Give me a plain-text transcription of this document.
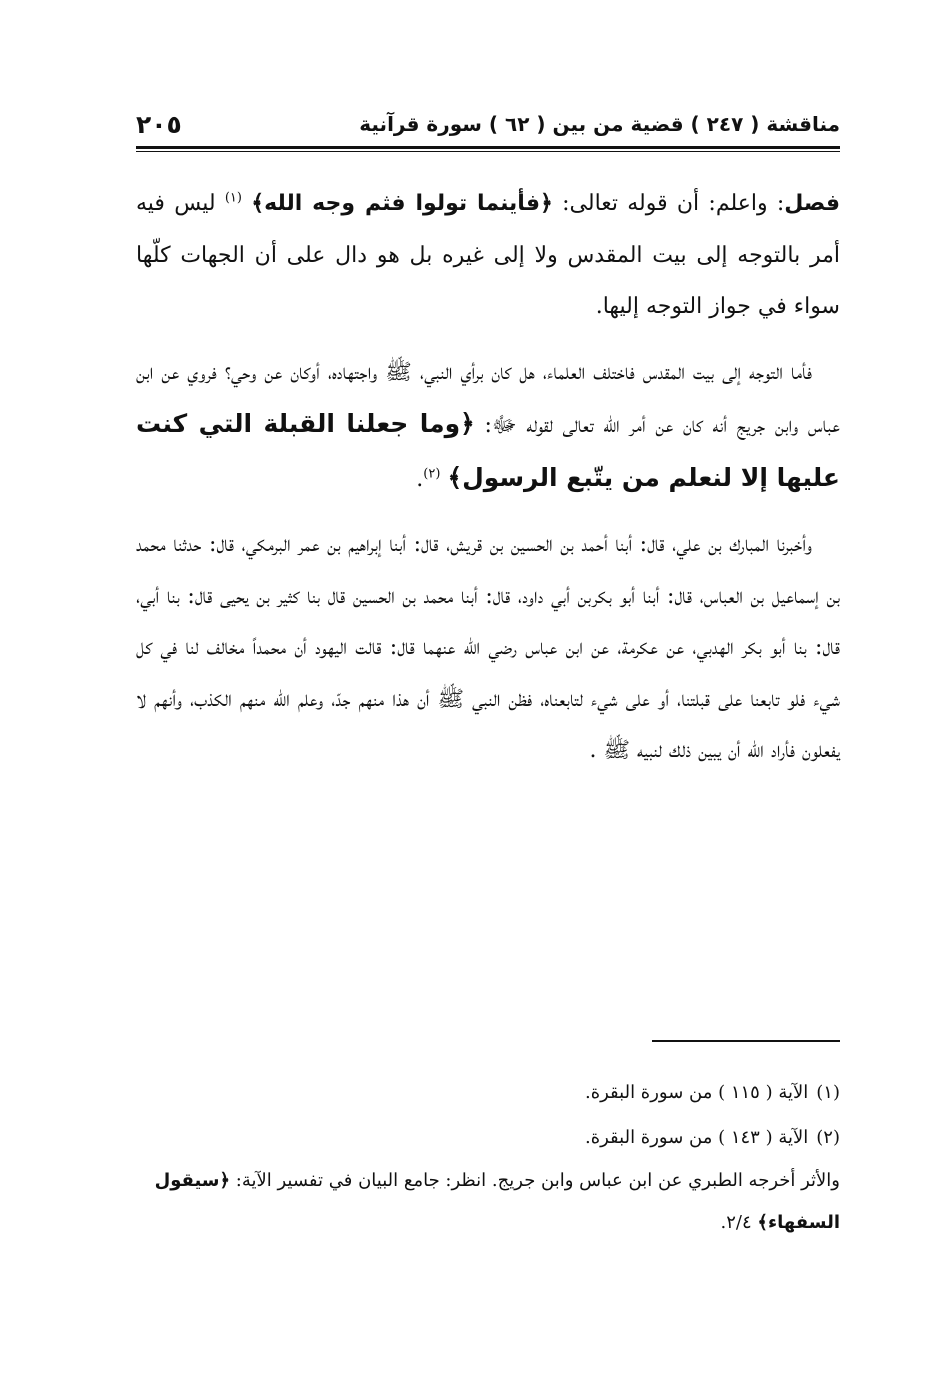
مناقشة ( ٢٤٧ ) قضية من بين ( ٦٢ ) سورة قرآنية
٢٠٥

فصل: واعلم: أن قوله تعالى: ﴿فأينما تولوا فثم وجه الله﴾ $^{(١)}$ ليس فيه أمر بالتوجه إلى بيت المقدس ولا إلى غيره بل هو دال على أن الجهات كلّها سواء في جواز التوجه إليها.

فأما التوجه إلى بيت المقدس فاختلف العلماء، هل كان برأي النبي، ﷺ واجتهاده، أوكان عن وحي؟ فروي عن ابن عباس وابن جريج أنه كان عن أمر الله تعالى لقوله ﷻ: ﴿وما جعلنا القبلة التي كنت عليها إلا لنعلم من يتّبع الرسول﴾ $^{(٢)}$.

وأخبرنا المبارك بن علي، قال: أبنا أحمد بن الحسين بن قريش، قال: أبنا إبراهيم بن عمر البرمكي، قال: حدثنا محمد بن إسماعيل بن العباس، قال: أبنا أبو بكربن أبي داود، قال: أبنا محمد بن الحسين قال بنا كثير بن يحيى قال: بنا أبي، قال: بنا أبو بكر الهدبي، عن عكرمة، عن ابن عباس رضي الله عنهما قال: قالت اليهود أن محمداً مخالف لنا في كل شيء فلو تابعنا على قبلتنا، أو على شيء لتابعناه، فظن النبي ﷺ أن هذا منهم جدّ، وعلم الله منهم الكذب، وأنهم لا يفعلون فأراد الله أن يبين ذلك لنبيه ﷺ .

(١)الآية ( ١١٥ ) من سورة البقرة.

(٢)الآية ( ١٤٣ ) من سورة البقرة.

والأثر أخرجه الطبري عن ابن عباس وابن جريج. انظر: جامع البيان في تفسير الآية: ﴿سيقول السفهاء﴾ ٢/٤.
